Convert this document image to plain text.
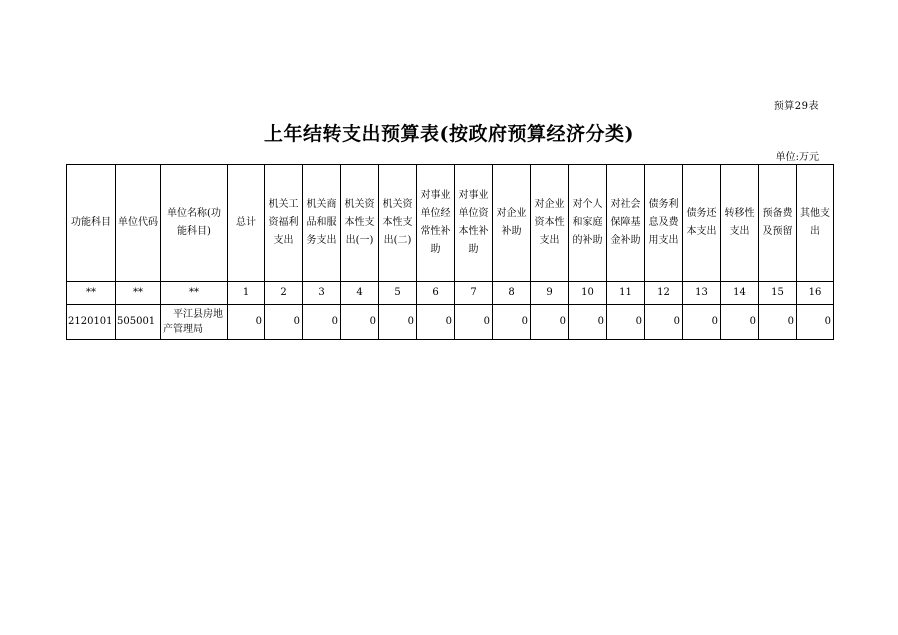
预算29表
上年结转支出预算表(按政府预算经济分类)
单位:万元
功能科目	单位代码	单位名称(功能科目)	总计	机关工资福利支出	机关商品和服务支出	机关资本性支出(一)	机关资本性支出(二)	对事业单位经常性补助	对事业单位资本性补助	对企业补助	对企业资本性支出	对个人和家庭的补助	对社会保障基金补助	债务利息及费用支出	债务还本支出	转移性支出	预备费及预留	其他支出
**	**	**	1	2	3	4	5	6	7	8	9	10	11	12	13	14	15	16
2120101	505001	平江县房地产管理局	0	0	0	0	0	0	0	0	0	0	0	0	0	0	0	0
